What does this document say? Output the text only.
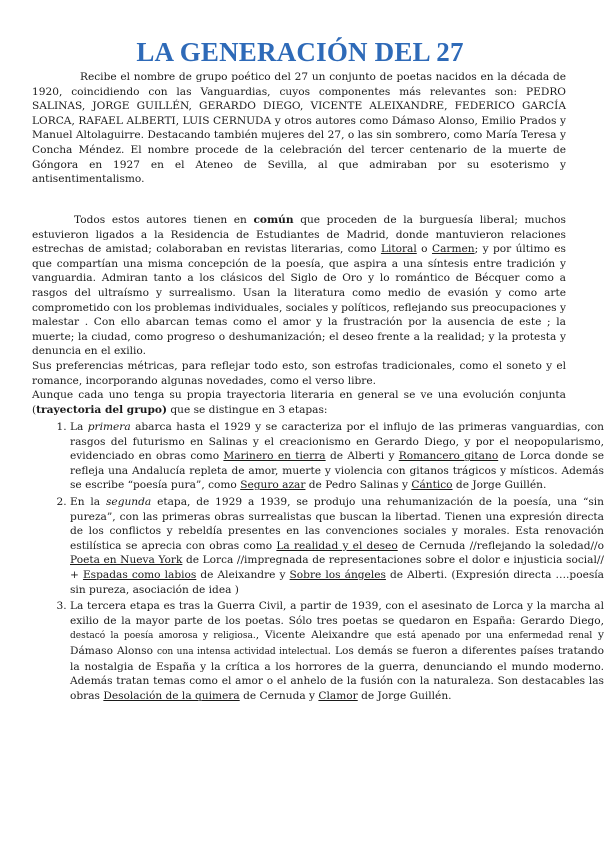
LA GENERACIÓN DEL 27

Recibe el nombre de grupo poético del 27 un conjunto de poetas nacidos en la década de 1920, coincidiendo con las Vanguardias, cuyos componentes más relevantes son: PEDRO SALINAS, JORGE GUILLÉN, GERARDO DIEGO, VICENTE ALEIXANDRE, FEDERICO GARCÍA LORCA, RAFAEL ALBERTI, LUIS CERNUDA y otros autores como Dámaso Alonso, Emilio Prados y Manuel Altolaguirre. Destacando también mujeres del 27, o las sin sombrero, como María Teresa y Concha Méndez. El nombre procede de la celebración del tercer centenario de la muerte de Góngora en 1927 en el Ateneo de Sevilla, al que admiraban por su esoterismo y antisentimentalismo.

Todos estos autores tienen en común que proceden de la burguesía liberal; muchos estuvieron ligados a la Residencia de Estudiantes de Madrid, donde mantuvieron relaciones estrechas de amistad; colaboraban en revistas literarias, como Litoral o Carmen; y por último es que compartían una misma concepción de la poesía, que aspira a una síntesis entre tradición y vanguardia. Admiran tanto a los clásicos del Siglo de Oro y lo romántico de Bécquer como a rasgos del ultraísmo y surrealismo. Usan la literatura como medio de evasión y como arte comprometido con los problemas individuales, sociales y políticos, reflejando sus preocupaciones y malestar . Con ello abarcan temas como el amor y la frustración por la ausencia de este ; la muerte; la ciudad, como progreso o deshumanización; el deseo frente a la realidad; y la protesta y denuncia en el exilio.
Sus preferencias métricas, para reflejar todo esto, son estrofas tradicionales, como el soneto y el romance, incorporando algunas novedades, como el verso libre.

Aunque cada uno tenga su propia trayectoria literaria en general se ve una evolución conjunta (trayectoria del grupo) que se distingue en 3 etapas:

1. La primera abarca hasta el 1929 y se caracteriza por el influjo de las primeras vanguardias, con rasgos del futurismo en Salinas y el creacionismo en Gerardo Diego, y por el neopopularismo, evidenciado en obras como Marinero en tierra de Alberti y Romancero gitano de Lorca donde se refleja una Andalucía repleta de amor, muerte y violencia con gitanos trágicos y místicos. Además se escribe “poesía pura”, como Seguro azar de Pedro Salinas y Cántico de Jorge Guillén.
2. En la segunda etapa, de 1929 a 1939, se produjo una rehumanización de la poesía, una “sin pureza”, con las primeras obras surrealistas que buscan la libertad. Tienen una expresión directa de los conflictos y rebeldía presentes en las convenciones sociales y morales. Esta renovación estilística se aprecia con obras como La realidad y el deseo de Cernuda //reflejando la soledad//o Poeta en Nueva York de Lorca //impregnada de representaciones sobre el dolor e injusticia social// + Espadas como labios de Aleixandre y Sobre los ángeles de Alberti. (Expresión directa ….poesía sin pureza, asociación de idea )
3. La tercera etapa es tras la Guerra Civil, a partir de 1939, con el asesinato de Lorca y la marcha al exilio de la mayor parte de los poetas. Sólo tres poetas se quedaron en España: Gerardo Diego, destacó la poesía amorosa y religiosa., Vicente Aleixandre que está apenado por una enfermedad renal y Dámaso Alonso con una intensa actividad intelectual. Los demás se fueron a diferentes países tratando la nostalgia de España y la crítica a los horrores de la guerra, denunciando el mundo moderno. Además tratan temas como el amor o el anhelo de la fusión con la naturaleza. Son destacables las obras Desolación de la quimera de Cernuda y Clamor de Jorge Guillén.
